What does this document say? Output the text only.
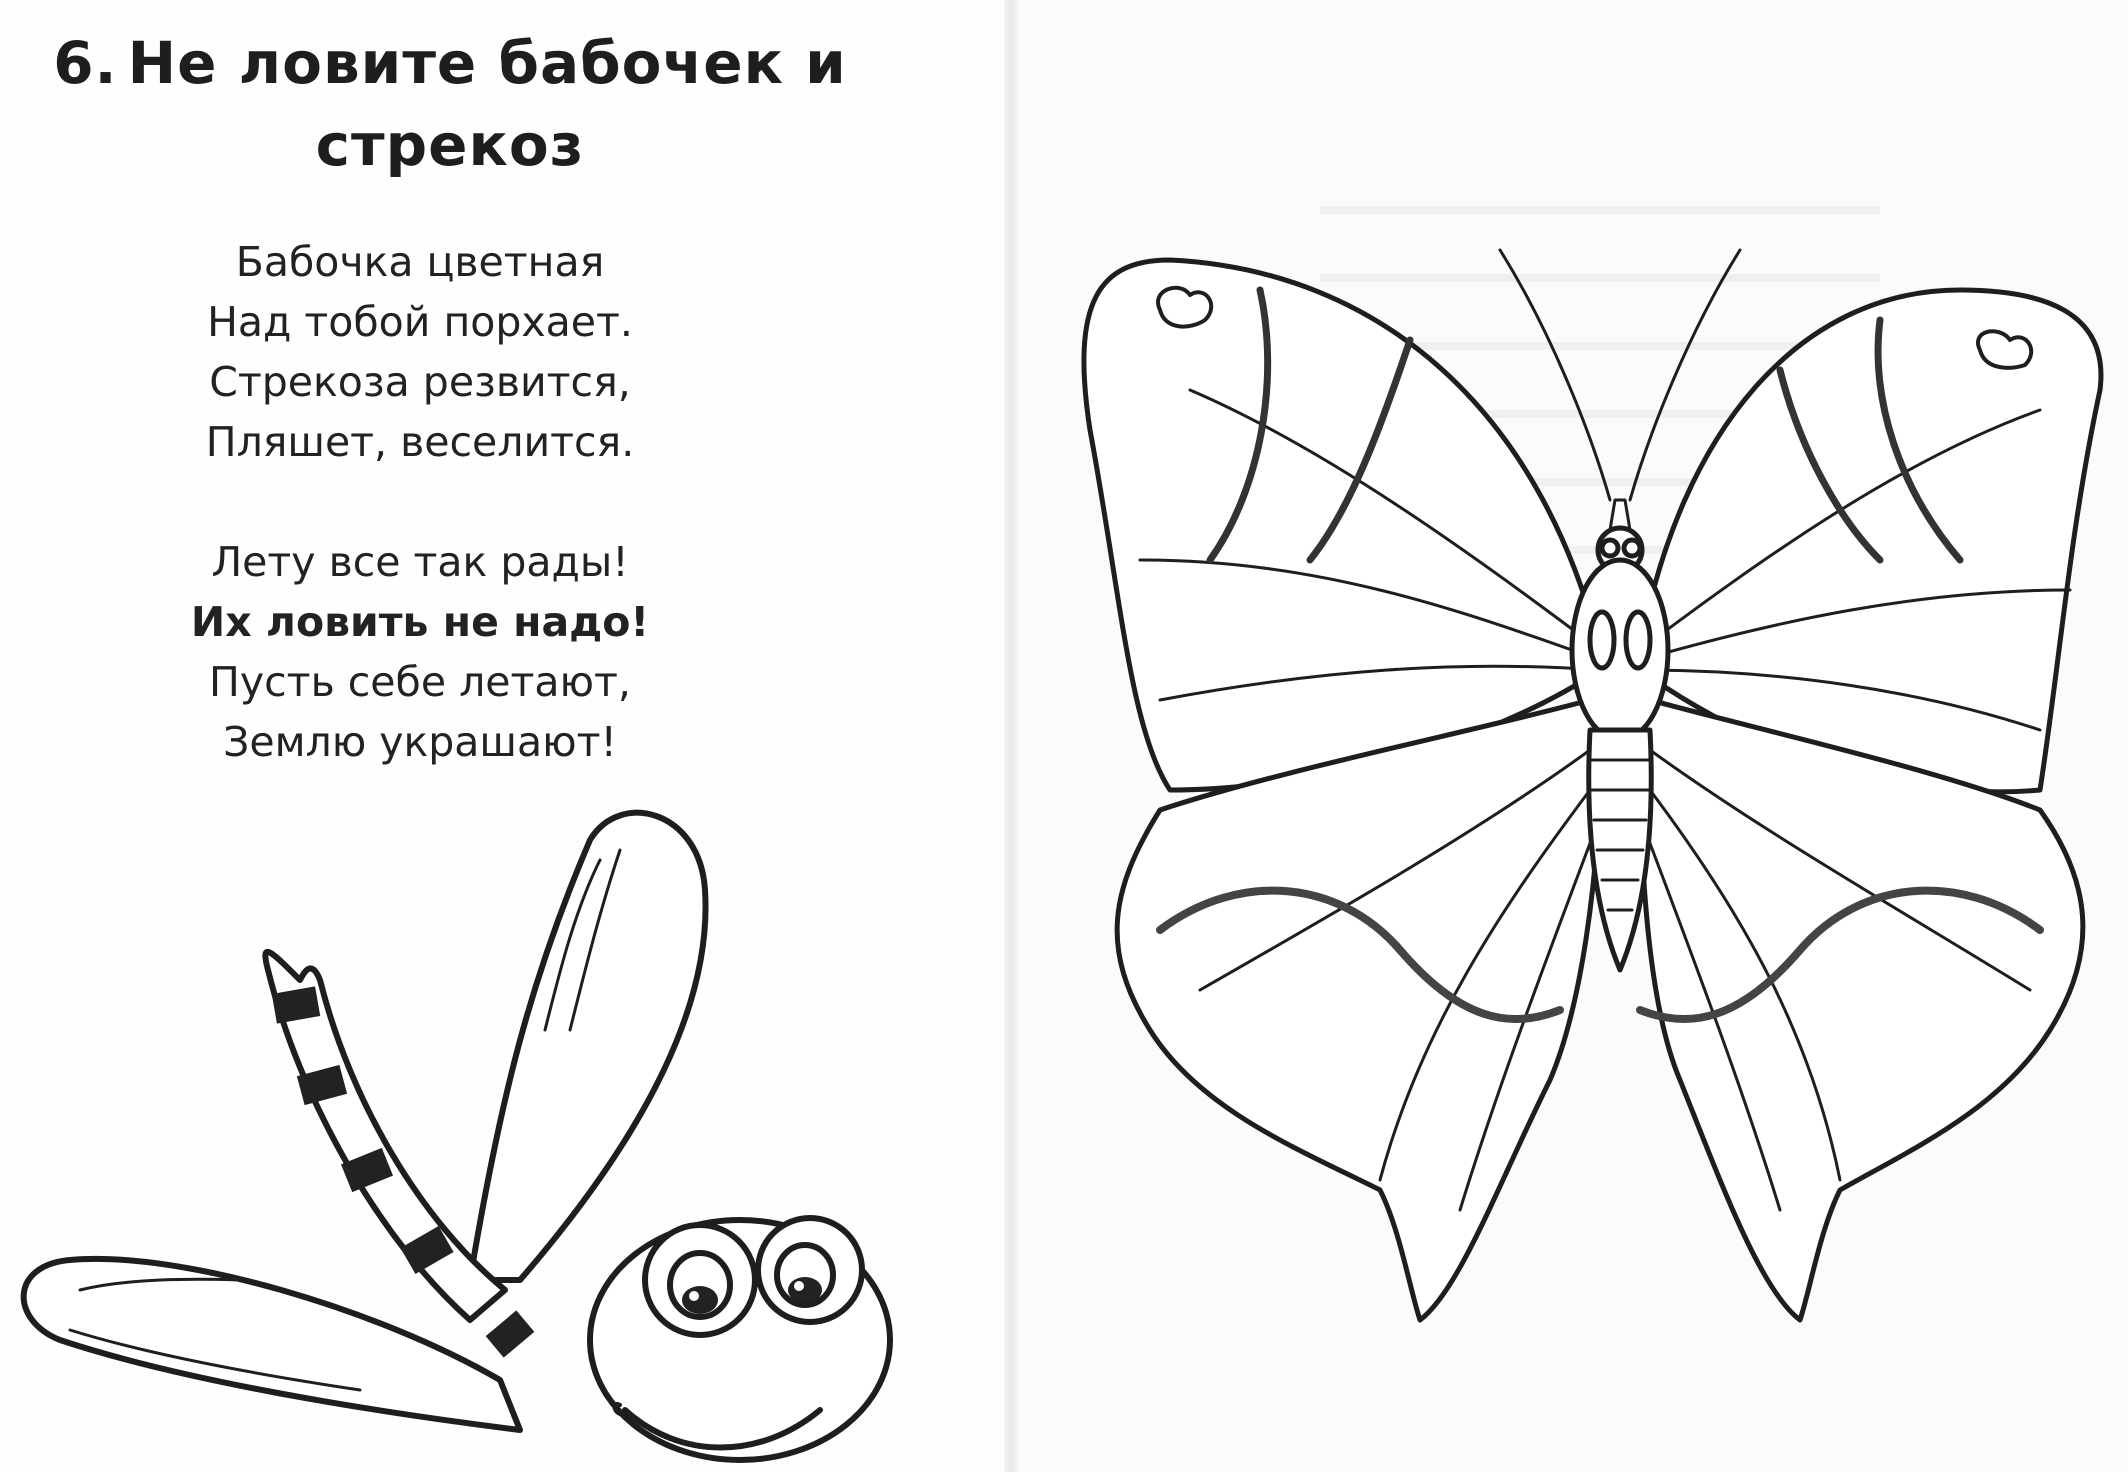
6. Не ловите бабочек и стрекоз
Бабочка цветная
Над тобой порхает.
Стрекоза резвится,
Пляшет, веселится.
Лету все так рады!
Их ловить не надо!
Пусть себе летают,
Землю украшают!
